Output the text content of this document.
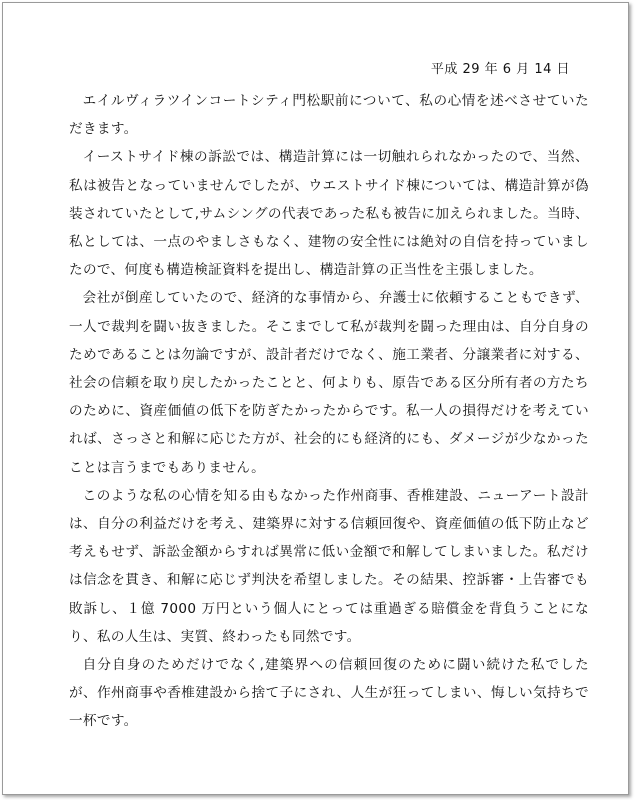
平成 29 年 6 月 14 日

エイルヴィラツインコートシティ門松駅前について、私の心情を述べさせていただきます。

イーストサイド棟の訴訟では、構造計算には一切触れられなかったので、当然、私は被告となっていませんでしたが、ウエストサイド棟については、構造計算が偽装されていたとして,サムシングの代表であった私も被告に加えられました。当時、私としては、一点のやましさもなく、建物の安全性には絶対の自信を持っていましたので、何度も構造検証資料を提出し、構造計算の正当性を主張しました。

会社が倒産していたので、経済的な事情から、弁護士に依頼することもできず、一人で裁判を闘い抜きました。そこまでして私が裁判を闘った理由は、自分自身のためであることは勿論ですが、設計者だけでなく、施工業者、分譲業者に対する、社会の信頼を取り戻したかったことと、何よりも、原告である区分所有者の方たちのために、資産価値の低下を防ぎたかったからです。私一人の損得だけを考えていれば、さっさと和解に応じた方が、社会的にも経済的にも、ダメージが少なかったことは言うまでもありません。

このような私の心情を知る由もなかった作州商事、香椎建設、ニューアート設計は、自分の利益だけを考え、建築界に対する信頼回復や、資産価値の低下防止など考えもせず、訴訟金額からすれば異常に低い金額で和解してしまいました。私だけは信念を貫き、和解に応じず判決を希望しました。その結果、控訴審・上告審でも敗訴し、１億 7000 万円という個人にとっては重過ぎる賠償金を背負うことになり、私の人生は、実質、終わったも同然です。

自分自身のためだけでなく,建築界への信頼回復のために闘い続けた私でしたが、作州商事や香椎建設から捨て子にされ、人生が狂ってしまい、悔しい気持ちで一杯です。
